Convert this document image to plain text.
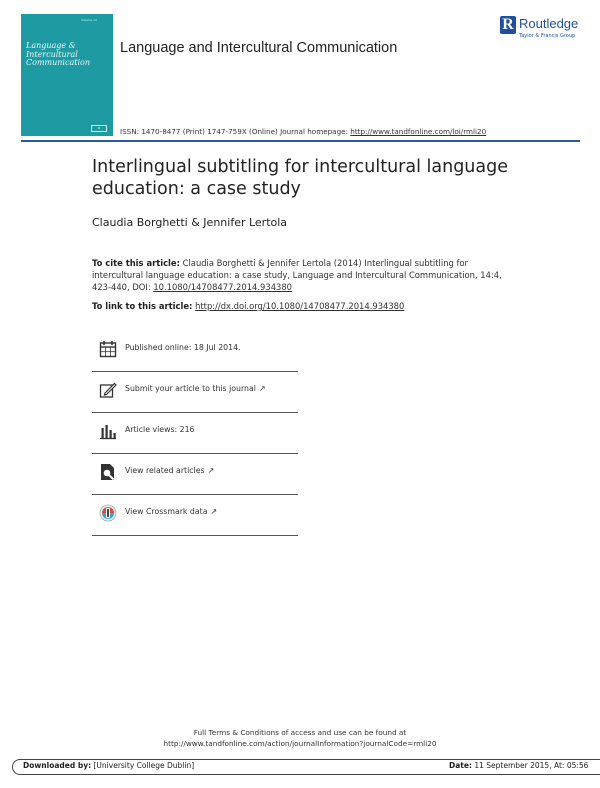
Volume 14
Language & Intercultural Communication
R
R Routledge
Taylor & Francis Group
Language and Intercultural Communication
ISSN: 1470-8477 (Print) 1747-759X (Online) Journal homepage: http://www.tandfonline.com/loi/rmli20
Interlingual subtitling for intercultural language education: a case study
Claudia Borghetti & Jennifer Lertola
To cite this article: Claudia Borghetti & Jennifer Lertola (2014) Interlingual subtitling for intercultural language education: a case study, Language and Intercultural Communication, 14:4, 423-440, DOI: 10.1080/14708477.2014.934380
To link to this article: http://dx.doi.org/10.1080/14708477.2014.934380
Published online: 18 Jul 2014.
Submit your article to this journal ↗
Article views: 216
View related articles ↗
View Crossmark data ↗
Full Terms & Conditions of access and use can be found at
http://www.tandfonline.com/action/journalInformation?journalCode=rmli20
Downloaded by: [University College Dublin]	Date: 11 September 2015, At: 05:56
